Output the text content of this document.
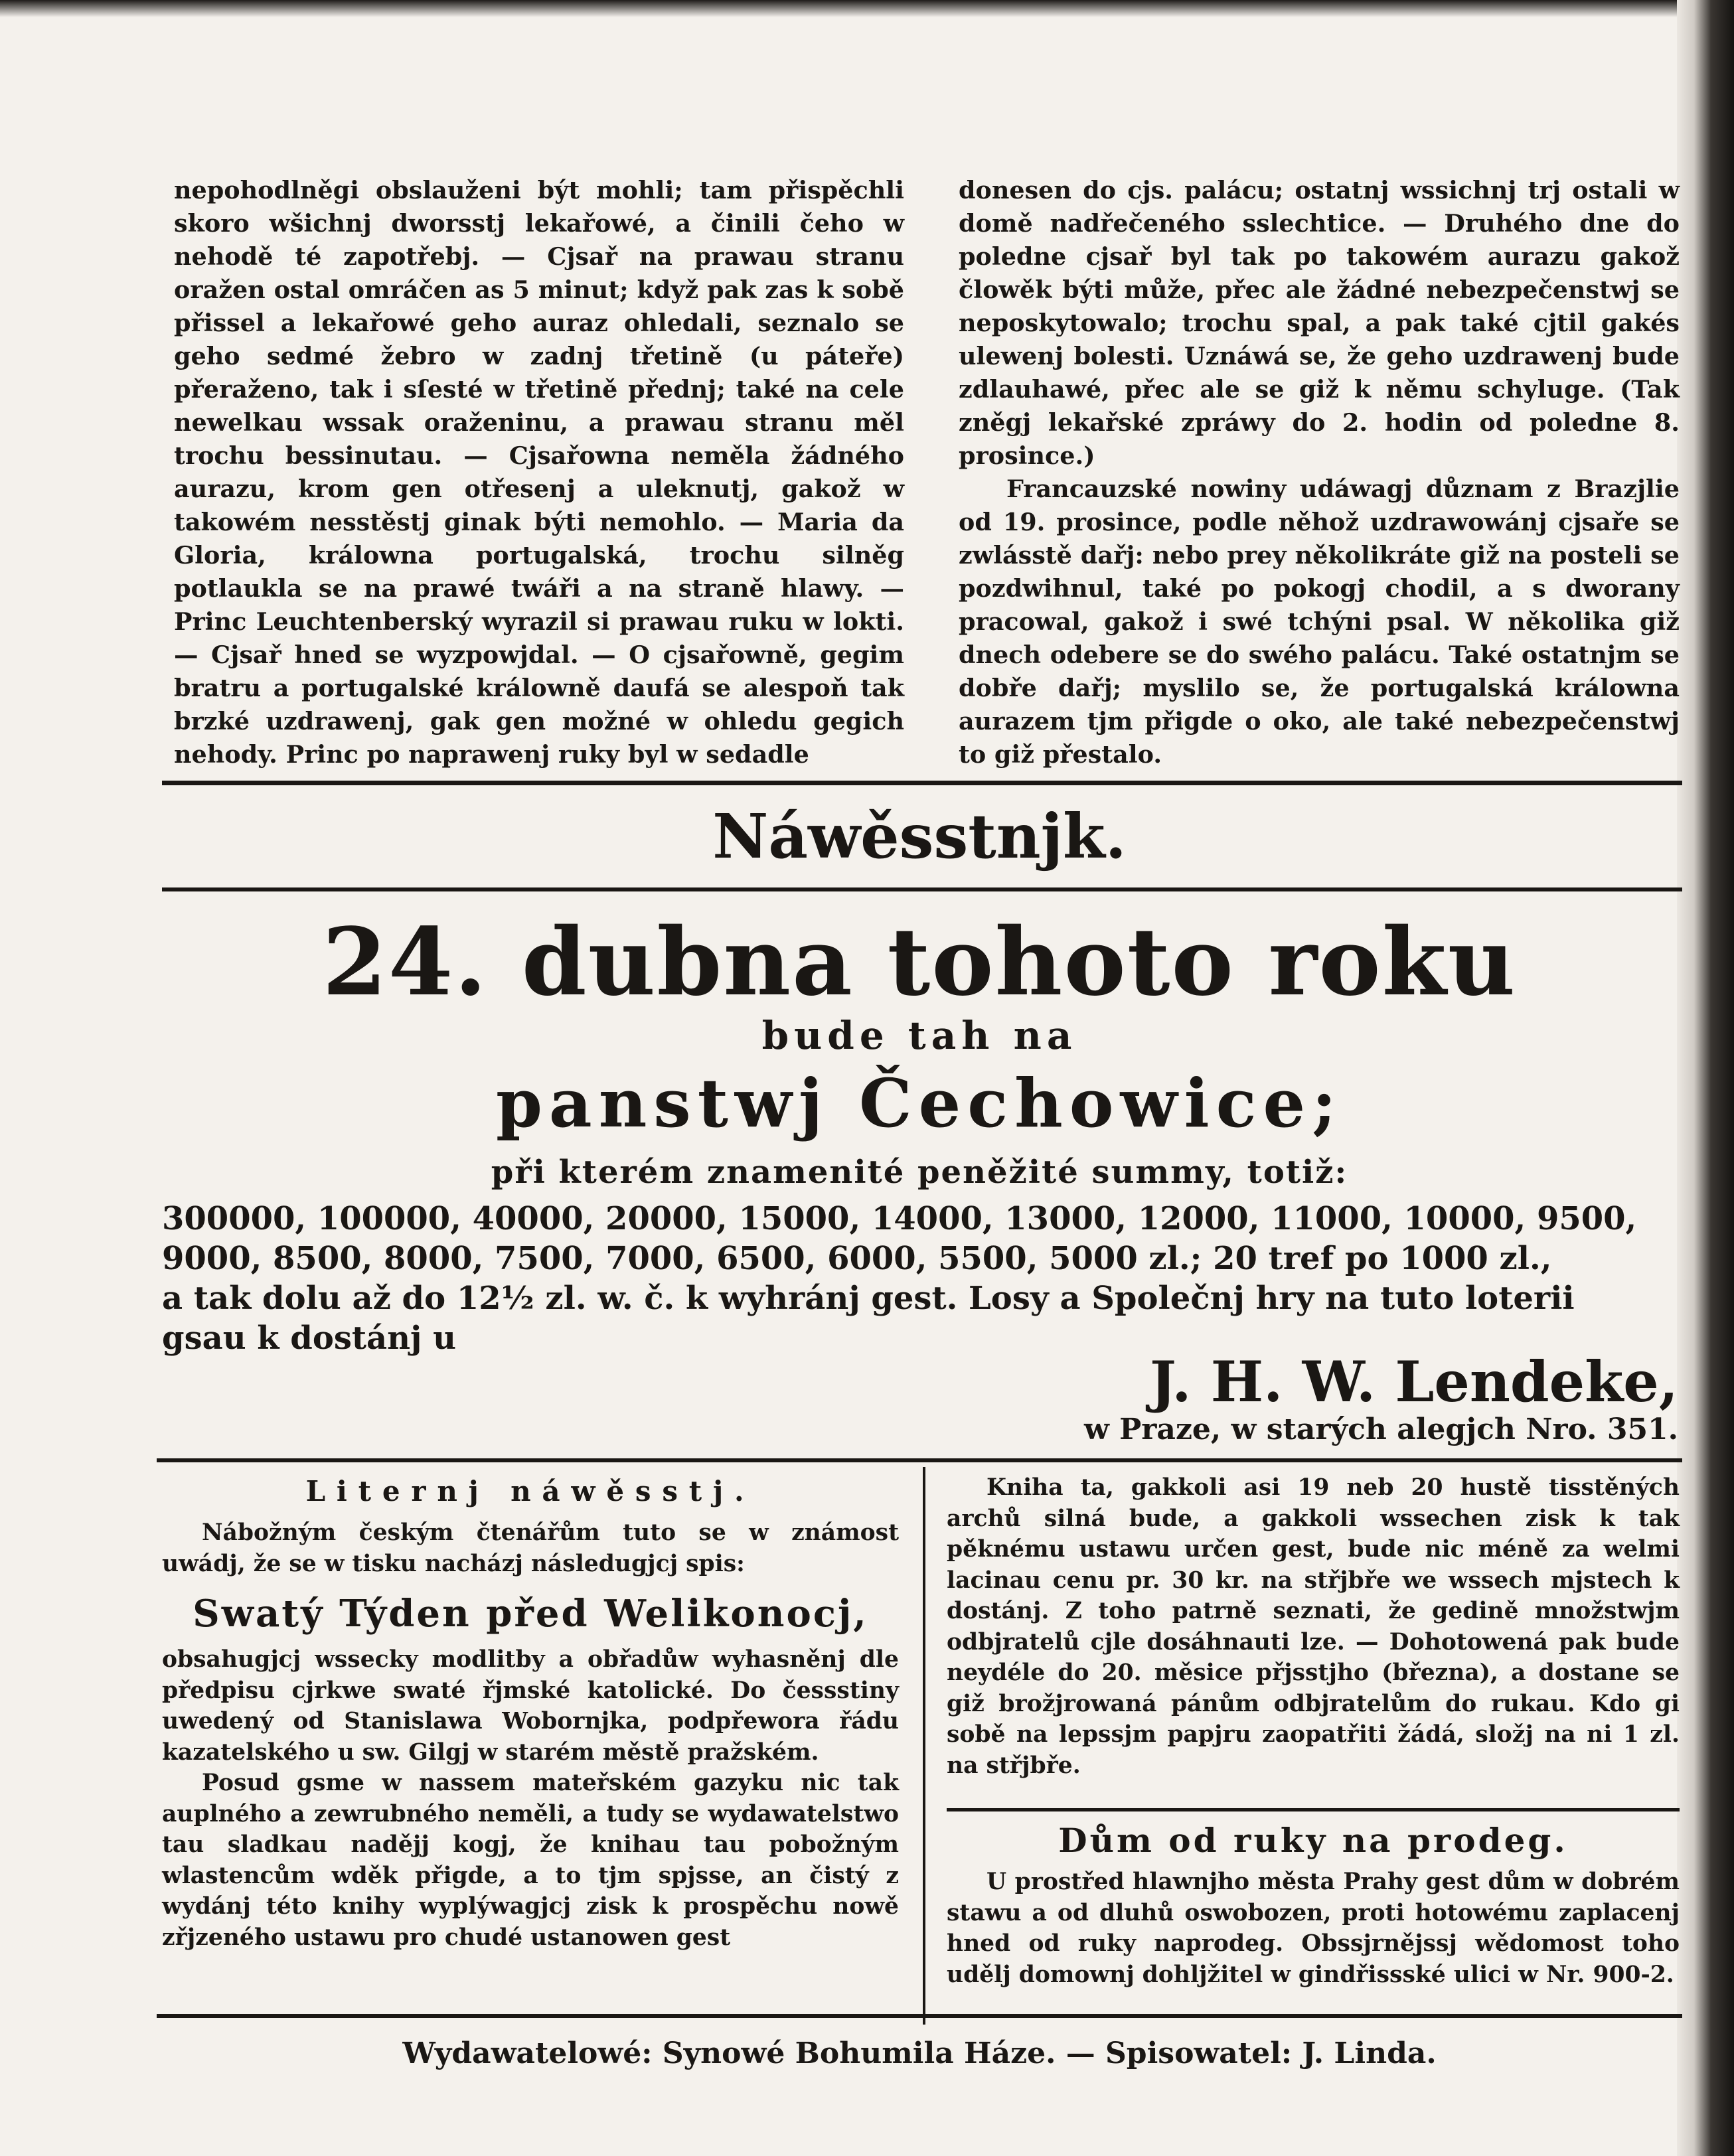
nepohodlněgi obslauženi být mohli; tam přispěchli skoro wšichnj dworsstj lekařowé, a činili čeho w nehodě té zapotřebj. — Cjsař na prawau stranu oražen ostal omráčen as 5 minut; když pak zas k sobě přissel a lekařowé geho auraz ohledali, seznalo se geho sedmé žebro w zadnj třetině (u páteře) přeraženo, tak i sſesté w třetině přednj; také na cele newelkau wssak oraženinu, a prawau stranu měl trochu bessinutau. — Cjsařowna neměla žádného aurazu, krom gen otřesenj a uleknutj, gakož w takowém nesstěstj ginak býti nemohlo. — Maria da Gloria, králowna portugalská, trochu silněg potlaukla se na prawé twáři a na straně hlawy. — Princ Leuchtenberský wyrazil si prawau ruku w lokti. — Cjsař hned se wyzpowjdal. — O cjsařowně, gegim bratru a portugalské králowně daufá se alespoň tak brzké uzdrawenj, gak gen možné w ohledu gegich nehody. Princ po naprawenj ruky byl w sedadle

donesen do cjs. palácu; ostatnj wssichnj trj ostali w domě nadřečeného sslechtice. — Druhého dne do poledne cjsař byl tak po takowém aurazu gakož člowěk býti může, přec ale žádné nebezpečenstwj se neposkytowalo; trochu spal, a pak také cjtil gakés ulewenj bolesti. Uznáwá se, že geho uzdrawenj bude zdlauhawé, přec ale se giž k němu schyluge. (Tak zněgj lekařské zpráwy do 2. hodin od poledne 8. prosince.)

Francauzské nowiny udáwagj důznam z Brazjlie od 19. prosince, podle něhož uzdrawowánj cjsaře se zwlásstě dařj: nebo prey několikráte giž na posteli se pozdwihnul, také po pokogj chodil, a s dworany pracowal, gakož i swé tchýni psal. W několika giž dnech odebere se do swého palácu. Také ostatnjm se dobře dařj; myslilo se, že portugalská králowna aurazem tjm přigde o oko, ale také nebezpečenstwj to giž přestalo.

Náwěsstnjk.
24. dubna tohoto roku
bude tah na
panstwj Čechowice;
při kterém znamenité peněžité summy, totiž:
300000, 100000, 40000, 20000, 15000, 14000, 13000, 12000, 11000, 10000, 9500,
9000, 8500, 8000, 7500, 7000, 6500, 6000, 5500, 5000 zl.; 20 tref po 1000 zl.,
a tak dolu až do 12½ zl. w. č. k wyhránj gest. Losy a Společnj hry na tuto loterii
gsau k dostánj u
J. H. W. Lendeke,
w Praze, w starých alegjch Nro. 351.
Liternj náwěsstj.

Nábožným českým čtenářům tuto se w známost uwádj, že se w tisku nacházj následugjcj spis:

Swatý Týden před Welikonocj,

obsahugjcj wssecky modlitby a obřadůw wyhasněnj dle předpisu cjrkwe swaté řjmské katolické. Do čessstiny uwedený od Stanislawa Wobornjka, podpřewora řádu kazatelského u sw. Gilgj w starém městě pražském.

Posud gsme w nassem mateřském gazyku nic tak auplného a zewrubného neměli, a tudy se wydawatelstwo tau sladkau nadějj kogj, že knihau tau pobožným wlastencům wděk přigde, a to tjm spjsse, an čistý z wydánj této knihy wyplýwagjcj zisk k prospěchu nowě zřjzeného ustawu pro chudé ustanowen gest

Kniha ta, gakkoli asi 19 neb 20 hustě tisstěných archů silná bude, a gakkoli wssechen zisk k tak pěknému ustawu určen gest, bude nic méně za welmi lacinau cenu pr. 30 kr. na střjbře we wssech mjstech k dostánj. Z toho patrně seznati, že gedině množstwjm odbjratelů cjle dosáhnauti lze. — Dohotowená pak bude neydéle do 20. měsice přjsstjho (března), a dostane se giž brožjrowaná pánům odbjratelům do rukau. Kdo gi sobě na lepssjm papjru zaopatřiti žádá, složj na ni 1 zl. na střjbře.

Dům od ruky na prodeg.

U prostřed hlawnjho města Prahy gest dům w dobrém stawu a od dluhů oswobozen, proti hotowému zaplacenj hned od ruky naprodeg. Obssjrnějssj wědomost toho udělj domownj dohljžitel w gindřissské ulici w Nr. 900-2.

Wydawatelowé: Synowé Bohumila Háze. — Spisowatel: J. Linda.
